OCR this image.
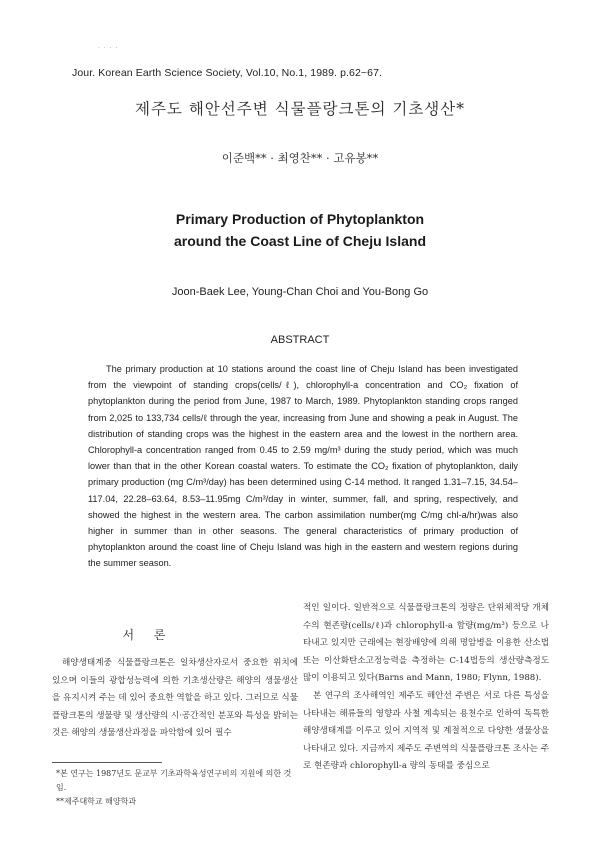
· · · ·
Jour. Korean Earth Science Society, Vol.10, No.1, 1989. p.62~67.
제주도 해안선주변 식물플랑크톤의 기초생산*
이준백** · 최영찬** · 고유봉**
Primary Production of Phytoplankton
around the Coast Line of Cheju Island
Joon-Baek Lee, Young-Chan Choi and You-Bong Go
ABSTRACT

The primary production at 10 stations around the coast line of Cheju Island has been investigated from the viewpoint of standing crops(cells/ℓ), chlorophyll-a concentration and CO₂ fixation of phytoplankton during the period from June, 1987 to March, 1989. Phytoplankton standing crops ranged from 2,025 to 133,734 cells/ℓ through the year, increasing from June and showing a peak in August. The distribution of standing crops was the highest in the eastern area and the lowest in the northern area. Chlorophyll-a concentration ranged from 0.45 to 2.59 mg/m³ during the study period, which was much lower than that in the other Korean coastal waters. To estimate the CO₂ fixation of phytoplankton, daily primary production (mg C/m³/day) has been determined using C-14 method. It ranged 1.31–7.15, 34.54–117.04, 22.28–63.64, 8.53–11.95mg C/m³/day in winter, summer, fall, and spring, respectively, and showed the highest in the western area. The carbon assimilation number(mg C/mg chl-a/hr)was also higher in summer than in other seasons. The general characteristics of primary production of phytoplankton around the coast line of Cheju Island was high in the eastern and western regions during the summer season.

서 론

해양생태계중 식물플랑크톤은 일차생산자로서 중요한 위치에 있으며 이들의 광합성능력에 의한 기초생산량은 해양의 생물생산을 유지시켜 주는 데 있어 중요한 역할을 하고 있다. 그러므로 식물플랑크톤의 생물량 및 생산량의 시·공간적인 분포와 특성을 밝히는 것은 해양의 생물생산과정을 파악함에 있어 필수

적인 일이다. 일반적으로 식물플랑크톤의 정량은 단위체적당 개체수의 현존량(cells/ℓ)과 chlorophyll-a 함량(mg/m³) 등으로 나타내고 있지만 근래에는 현장배양에 의해 명암병을 이용한 산소법 또는 이산화탄소고정능력을 측정하는 C-14법등의 생산량측정도 많이 이용되고 있다(Barns and Mann, 1980; Flynn, 1988).

본 연구의 조사해역인 제주도 해안선 주변은 서로 다른 특성을 나타내는 해류들의 영향과 사철 계속되는 용천수로 인하여 독특한 해양생태계를 이루고 있어 지역적 및 계절적으로 다양한 생물상을 나타내고 있다. 지금까지 제주도 주변역의 식물플랑크톤 조사는 주로 현존량과 chlorophyll-a 량의 동태를 중심으로

*본 연구는 1987년도 문교부 기초과학육성연구비의 지원에 의한 것임.
**제주대학교 해양학과
